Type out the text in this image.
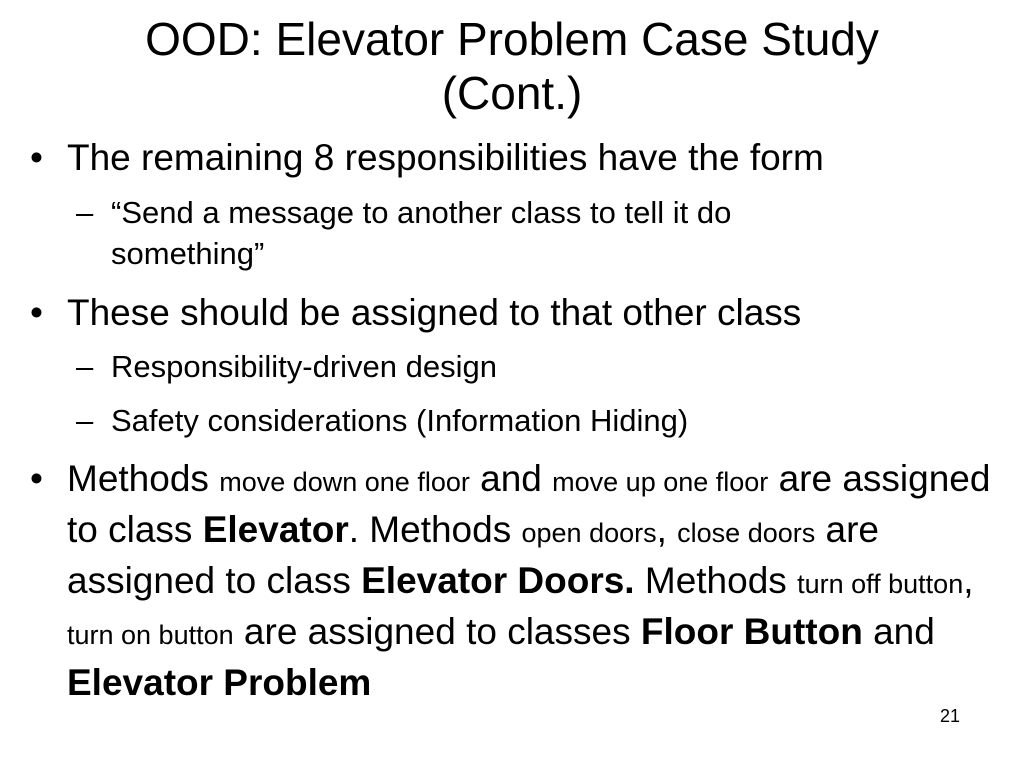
OOD: Elevator Problem Case Study
(Cont.)
• The remaining 8 responsibilities have the form
– “Send a message to another class to tell it do
something”
• These should be assigned to that other class
– Responsibility-driven design
– Safety considerations (Information Hiding)
• Methods move down one floor and move up one floor are assigned to class Elevator. Methods open doors, close doors are assigned to class Elevator Doors. Methods turn off button, turn on button are assigned to classes Floor Button and Elevator Problem
21
